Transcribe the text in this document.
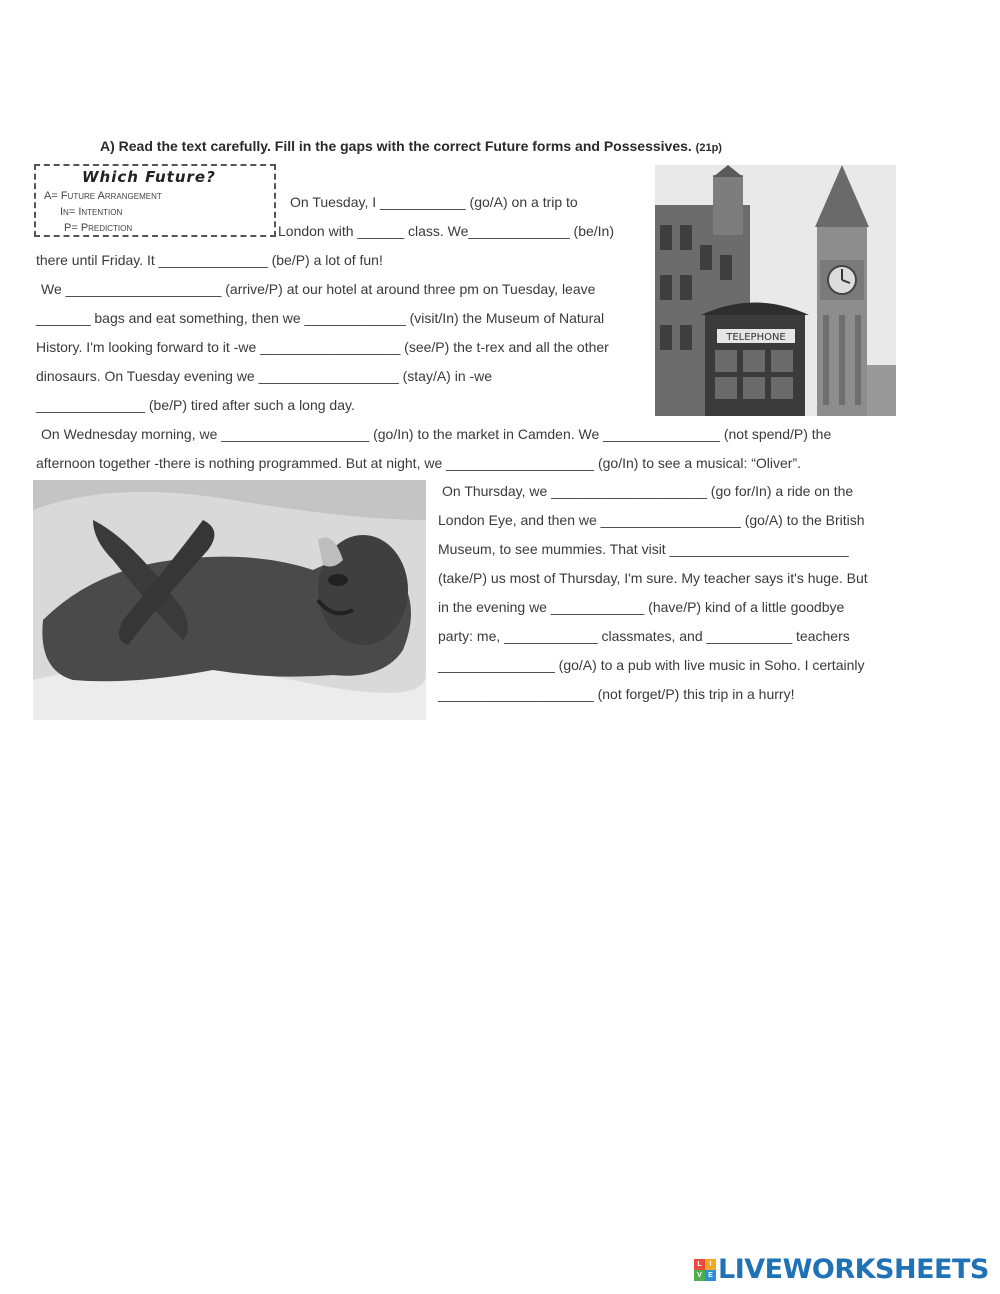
A) Read the text carefully. Fill in the gaps with the correct Future forms and Possessives. (21p)
Which Future?
A= Future Arrangement
In= Intention
P= Prediction
TELEPHONE
On Tuesday, I ___________ (go/A) on a trip to
London with ______ class. We_____________ (be/In)
there until Friday. It ______________ (be/P) a lot of fun!
We ____________________ (arrive/P) at our hotel at around three pm on Tuesday, leave
_______ bags and eat something, then we _____________ (visit/In) the Museum of Natural
History. I'm looking forward to it -we __________________ (see/P) the t-rex and all the other
dinosaurs. On Tuesday evening we __________________ (stay/A) in -we
______________ (be/P) tired after such a long day.
On Wednesday morning, we ___________________ (go/In) to the market in Camden. We _______________ (not spend/P) the
afternoon together -there is nothing programmed. But at night, we ___________________ (go/In) to see a musical: “Oliver”.
On Thursday, we ____________________ (go for/In) a ride on the
London Eye, and then we __________________ (go/A) to the British
Museum, to see mummies. That visit _______________________
(take/P) us most of Thursday, I'm sure. My teacher says it's huge. But
in the evening we ____________ (have/P) kind of a little goodbye
party: me, ____________ classmates, and ___________ teachers
_______________ (go/A) to a pub with live music in Soho. I certainly
____________________ (not forget/P) this trip in a hurry!
L	I
V E LIVEWORKSHEETS
